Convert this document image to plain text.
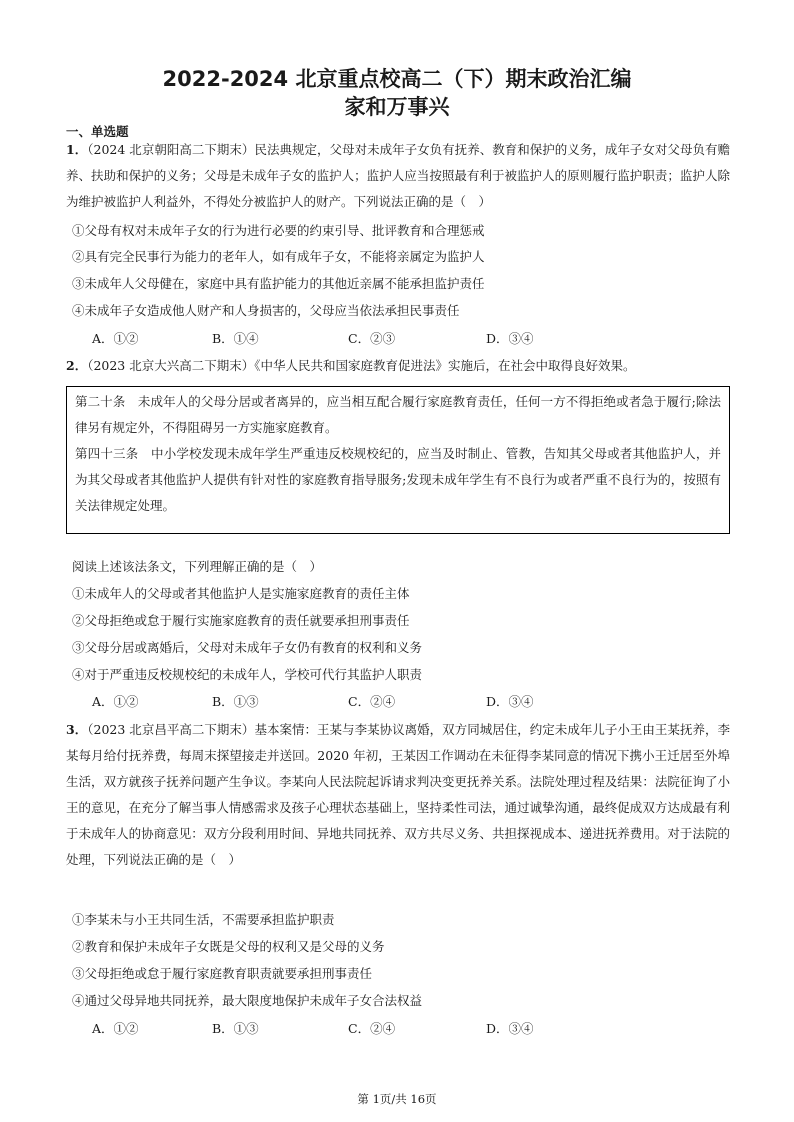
2022-2024 北京重点校高二（下）期末政治汇编
家和万事兴
一、单选题

1．（2024 北京朝阳高二下期末）民法典规定，父母对未成年子女负有抚养、教育和保护的义务，成年子女对父母负有赡养、扶助和保护的义务；父母是未成年子女的监护人；监护人应当按照最有利于被监护人的原则履行监护职责；监护人除为维护被监护人利益外，不得处分被监护人的财产。下列说法正确的是（　）

①父母有权对未成年子女的行为进行必要的约束引导、批评教育和合理惩戒
②具有完全民事行为能力的老年人，如有成年子女，不能将亲属定为监护人
③未成年人父母健在，家庭中具有监护能力的其他近亲属不能承担监护责任
④未成年子女造成他人财产和人身损害的，父母应当依法承担民事责任
A．①②	B．①④	C．②③	D．③④

2．（2023 北京大兴高二下期末）《中华人民共和国家庭教育促进法》实施后，在社会中取得良好效果。

第二十条　未成年人的父母分居或者离异的，应当相互配合履行家庭教育责任，任何一方不得拒绝或者急于履行;除法律另有规定外，不得阻碍另一方实施家庭教育。

第四十三条　中小学校发现未成年学生严重违反校规校纪的，应当及时制止、管教，告知其父母或者其他监护人，并为其父母或者其他监护人提供有针对性的家庭教育指导服务;发现未成年学生有不良行为或者严重不良行为的，按照有关法律规定处理。

阅读上述该法条文，下列理解正确的是（　）
①未成年人的父母或者其他监护人是实施家庭教育的责任主体
②父母拒绝或怠于履行实施家庭教育的责任就要承担刑事责任
③父母分居或离婚后，父母对未成年子女仍有教育的权利和义务
④对于严重违反校规校纪的未成年人，学校可代行其监护人职责
A．①②	B．①③	C．②④	D．③④

3．（2023 北京昌平高二下期末）基本案情：王某与李某协议离婚，双方同城居住，约定未成年儿子小王由王某抚养，李某每月给付抚养费，每周末探望接走并送回。2020 年初，王某因工作调动在未征得李某同意的情况下携小王迁居至外埠生活，双方就孩子抚养问题产生争议。李某向人民法院起诉请求判决变更抚养关系。法院处理过程及结果：法院征询了小王的意见，在充分了解当事人情感需求及孩子心理状态基础上，坚持柔性司法，通过诚挚沟通，最终促成双方达成最有利于未成年人的协商意见：双方分段利用时间、异地共同抚养、双方共尽义务、共担探视成本、递进抚养费用。对于法院的处理，下列说法正确的是（　）

①李某未与小王共同生活，不需要承担监护职责
②教育和保护未成年子女既是父母的权利又是父母的义务
③父母拒绝或怠于履行家庭教育职责就要承担刑事责任
④通过父母异地共同抚养，最大限度地保护未成年子女合法权益
A．①②	B．①③	C．②④	D．③④
第 1页/共 16页
